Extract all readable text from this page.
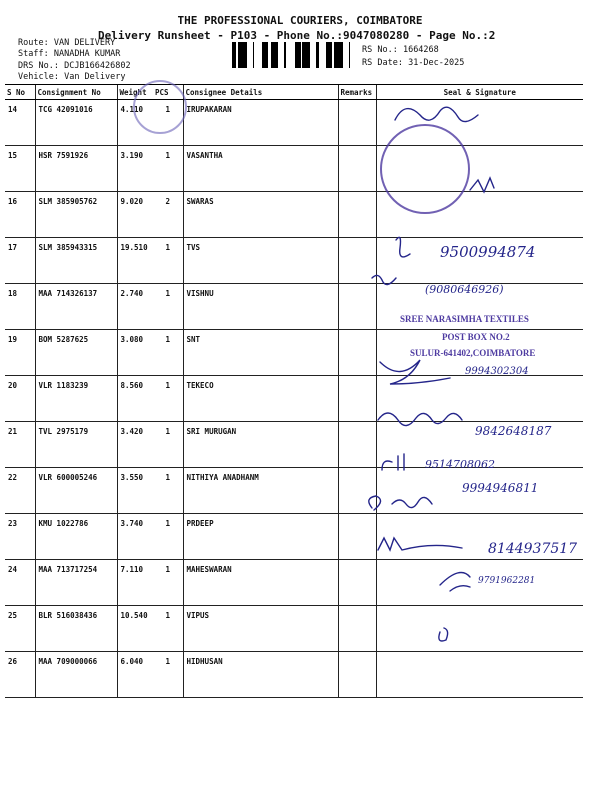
THE PROFESSIONAL COURIERS, COIMBATORE
Delivery Runsheet - P103 - Phone No.:9047080280 - Page No.:2
Route: VAN DELIVERY
Staff: NANADHA KUMAR
DRS No.: DCJB166426802
Vehicle: Van Delivery
RS No.: 1664268
RS Date: 31-Dec-2025
S No	Consignment No	Weight	PCS	Consignee Details	Remarks	Seal & Signature
14	TCG 42091016	4.110	1	IRUPAKARAN		
15	HSR 7591926	3.190	1	VASANTHA		
16	SLM 385905762	9.020	2	SWARAS		
17	SLM 385943315	19.510	1	TVS		
18	MAA 714326137	2.740	1	VISHNU		
19	BOM 5287625	3.080	1	SNT		
20	VLR 1183239	8.560	1	TEKECO		
21	TVL 2975179	3.420	1	SRI MURUGAN		
22	VLR 600005246	3.550	1	NITHIYA ANADHANM		
23	KMU 1022786	3.740	1	PRDEEP		
24	MAA 713717254	7.110	1	MAHESWARAN		
25	BLR 516038436	10.540	1	VIPUS		
26	MAA 709000066	6.040	1	HIDHUSAN		
9500994874
(9080646926)
SREE NARASIMHA TEXTILES
POST BOX NO.2
SULUR-641402,COIMBATORE
9994302304
9842648187
9514708062
9994946811
8144937517
9791962281
